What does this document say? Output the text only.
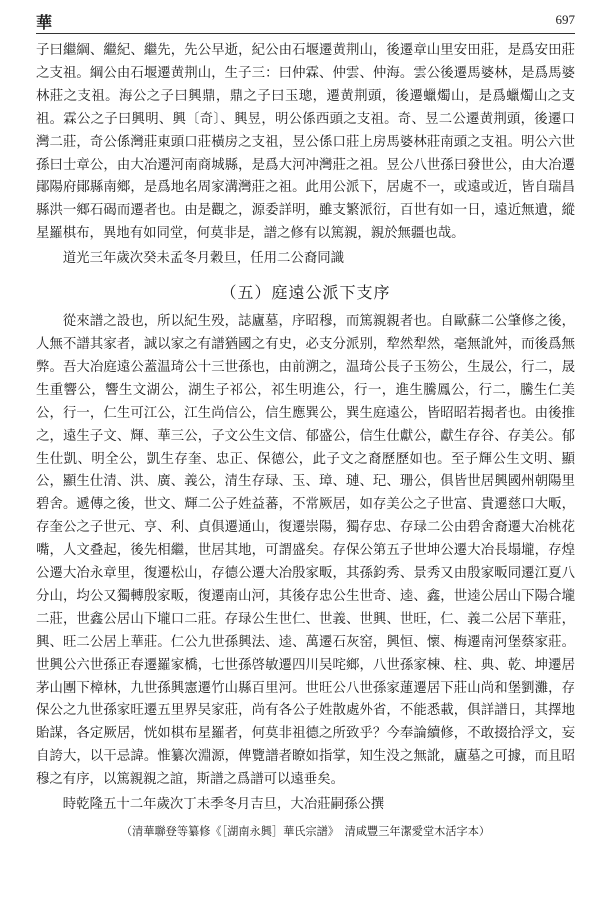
華	697

子曰繼綱、繼紀、繼先，先公早逝，紀公由石堰遷黄荆山，後遷章山里安田莊，是爲安田莊之支祖。綱公由石堰遷黄荆山，生子三：曰仲霖、仲雲、仲海。雲公後遷馬婆林，是爲馬婆林莊之支祖。海公之子曰興鼎，鼎之子曰玉璁，遷黄荆頭，後遷蠟燭山，是爲蠟燭山之支祖。霖公之子曰興明、興〔奇〕、興昱，明公係西頭之支祖。奇、昱二公遷黄荆頭，後遷口灣二莊，奇公係灣莊東頭口莊橫房之支祖，昱公係口莊上房馬婆林莊南頭之支祖。明公六世孫曰士章公，由大冶遷河南商城縣，是爲大河冲灣莊之祖。昱公八世孫曰發世公，由大冶遷鄖陽府鄖縣南鄉，是爲地名周家溝灣莊之祖。此用公派下，居處不一，或遠或近，皆自瑞昌縣洪一鄉石碣而遷者也。由是觀之，源委詳明，雖支繁派衍，百世有如一日，遠近無遺，縱星羅棋布，異地有如同堂，何莫非是，譜之修有以篤親，親於無疆也哉。

道光三年歲次癸未孟冬月穀旦，任用二公裔同識

（五）庭遠公派下支序

從來譜之設也，所以紀生殁，誌廬墓，序昭穆，而篤親親者也。自歐蘇二公肇修之後，人無不譜其家者，誠以家之有譜猶國之有史，必支分派别，犂然犁然，毫無訛舛，而後爲無弊。吾大冶庭遠公蓋温琦公十三世孫也，由前溯之，温琦公長子玉笏公，生晟公，行二，晟生重響公，響生文湖公，湖生子祁公，祁生明進公，行一，進生騰鳳公，行二，騰生仁美公，行一，仁生可江公，江生尚信公，信生應巽公，巽生庭遠公，皆昭昭若揭者也。由後推之，遠生子文、輝、華三公，子文公生文信、郁盛公，信生仕獻公，獻生存谷、存美公。郁生仕凱、明全公，凱生存奎、忠正、保德公，此子文之裔歷歷如也。至子輝公生文明、顯公，顯生仕清、洪、廣、義公，清生存琭、玉、璋、璉、玘、珊公，俱皆世居興國州朝陽里碧舍。遞傳之後，世文、輝二公子姓益蕃，不常厥居，如存美公之子世富、貴遷慈口大畈，存奎公之子世元、亨、利、貞俱遷通山，復遷崇陽，獨存忠、存琭二公由碧舍裔遷大冶桃花嘴，人文叠起，後先相繼，世居其地，可謂盛矣。存保公第五子世坤公遷大冶長塌壠，存煌公遷大冶永章里，復遷松山，存德公遷大冶殷家畈，其孫鈞秀、景秀又由殷家畈同遷江夏八分山，均公又獨轉殷家畈，復遷南山河，其後存忠公生世奇、逵、鑫，世逵公居山下陽合壠二莊，世鑫公居山下壠口二莊。存琭公生世仁、世義、世興、世旺，仁、義二公居下華莊，興、旺二公居上華莊。仁公九世孫興法、逵、萬遷石灰窑，興恒、懷、梅遷南河堡蔡家莊。世興公六世孫正春遷羅家橋，七世孫啓敏遷四川吴咤鄉，八世孫家棟、柱、典、乾、坤遷居茅山團下樟林，九世孫興憲遷竹山縣百里河。世旺公八世孫家蓮遷居下莊山尚和堡劉灘，存保公之九世孫家旺遷五里界吴家莊，尚有各公子姓散處外省，不能悉載，俱詳譜日，其擇地貽謀，各定厥居，恍如棋布星羅者，何莫非祖德之所致乎？今奉論續修，不敢掇拾浮文，妄自誇大，以干忌諱。惟纂次淵源，俾覽譜者瞭如指掌，知生没之無訛，廬墓之可據，而且昭穆之有序，以篤親親之誼，斯譜之爲譜可以遠垂矣。

時乾隆五十二年歲次丁未季冬月吉旦，大冶莊嗣孫公撰

（清華聯登等纂修《［湖南永興］華氏宗譜》　清咸豐三年潔愛堂木活字本）
